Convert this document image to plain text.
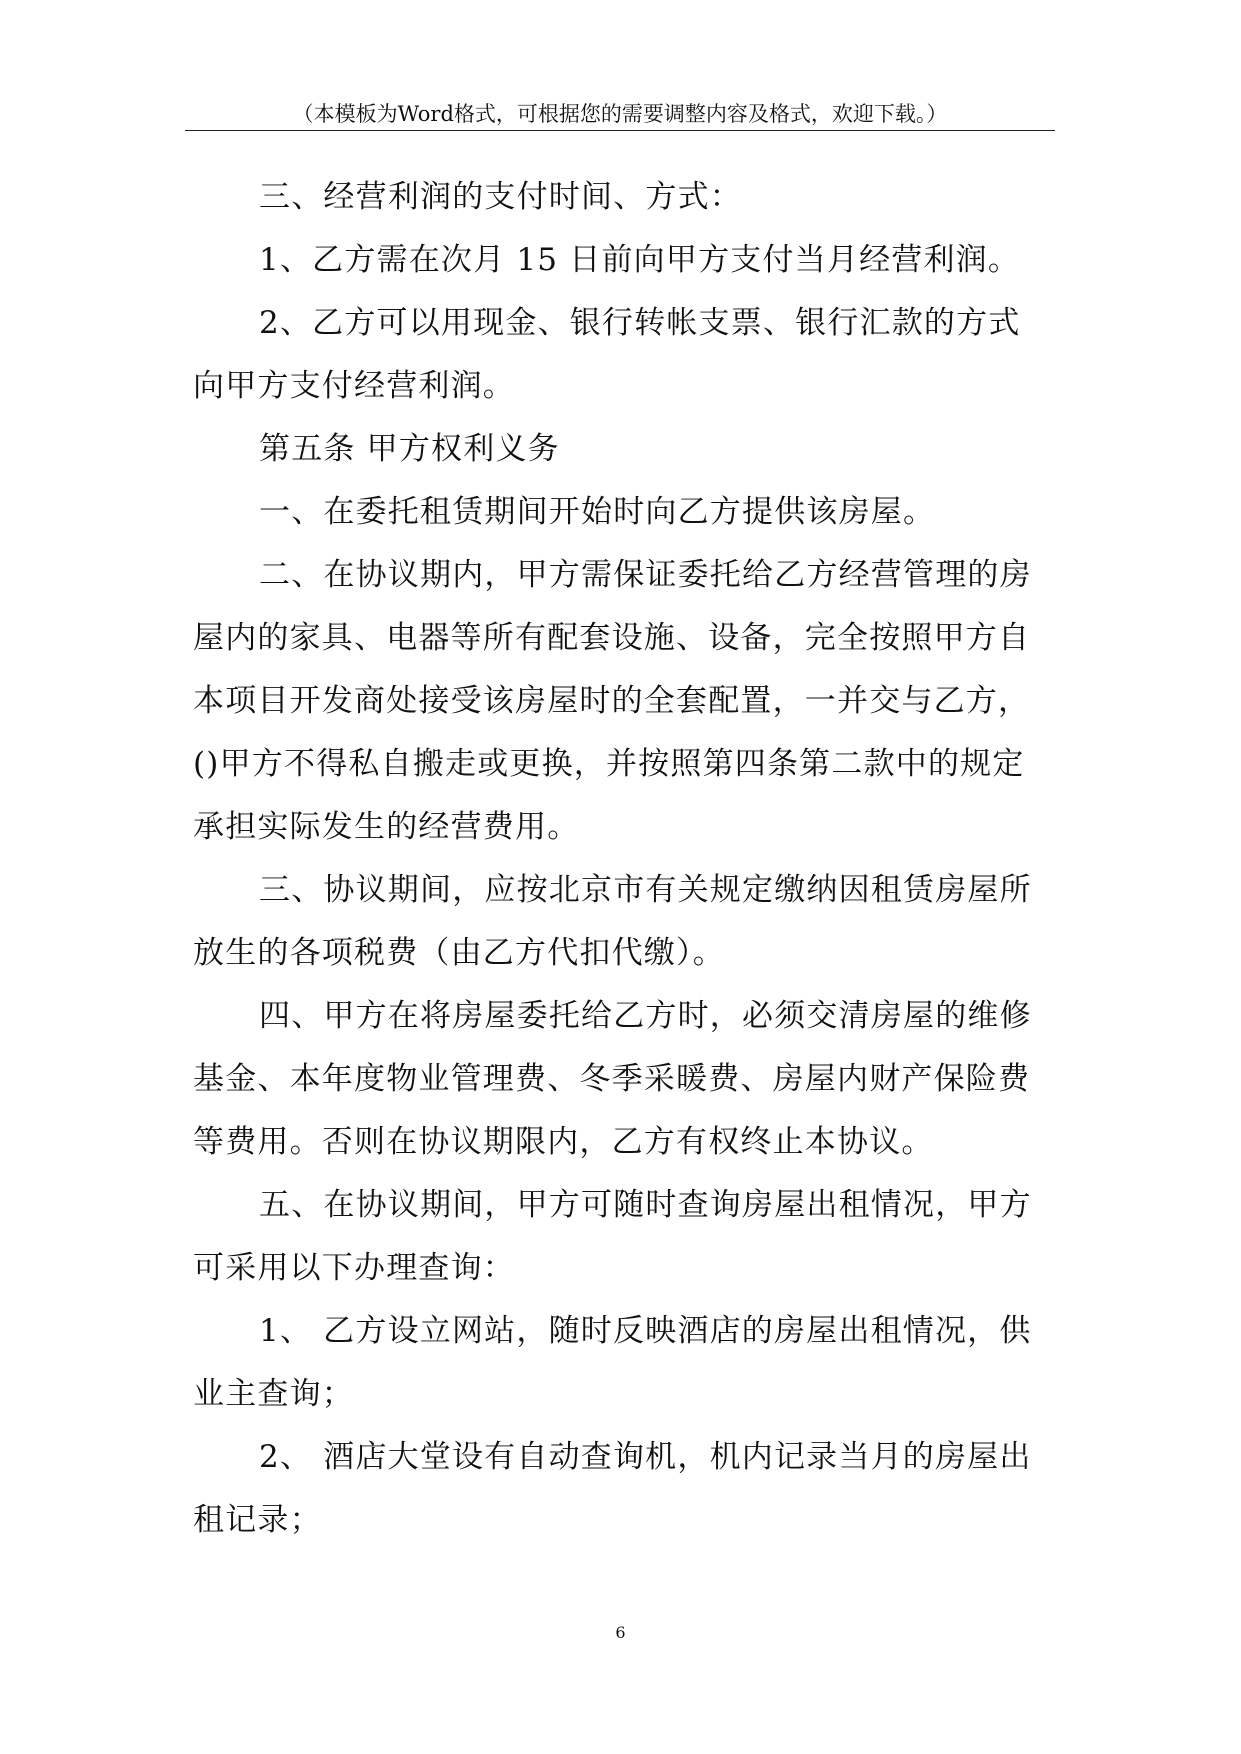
（本模板为Word格式，可根据您的需要调整内容及格式，欢迎下载。）
三、经营利润的支付时间、方式：
1、乙方需在次月 15 日前向甲方支付当月经营利润。
2、乙方可以用现金、银行转帐支票、银行汇款的方式
向甲方支付经营利润。
第五条 甲方权利义务
一、在委托租赁期间开始时向乙方提供该房屋。
二、在协议期内，甲方需保证委托给乙方经营管理的房
屋内的家具、电器等所有配套设施、设备，完全按照甲方自
本项目开发商处接受该房屋时的全套配置，一并交与乙方，
()甲方不得私自搬走或更换，并按照第四条第二款中的规定
承担实际发生的经营费用。
三、协议期间，应按北京市有关规定缴纳因租赁房屋所
放生的各项税费（由乙方代扣代缴）。
四、甲方在将房屋委托给乙方时，必须交清房屋的维修
基金、本年度物业管理费、冬季采暖费、房屋内财产保险费
等费用。否则在协议期限内，乙方有权终止本协议。
五、在协议期间，甲方可随时查询房屋出租情况，甲方
可采用以下办理查询：
1、 乙方设立网站，随时反映酒店的房屋出租情况，供
业主查询；
2、 酒店大堂设有自动查询机，机内记录当月的房屋出
租记录；
6
